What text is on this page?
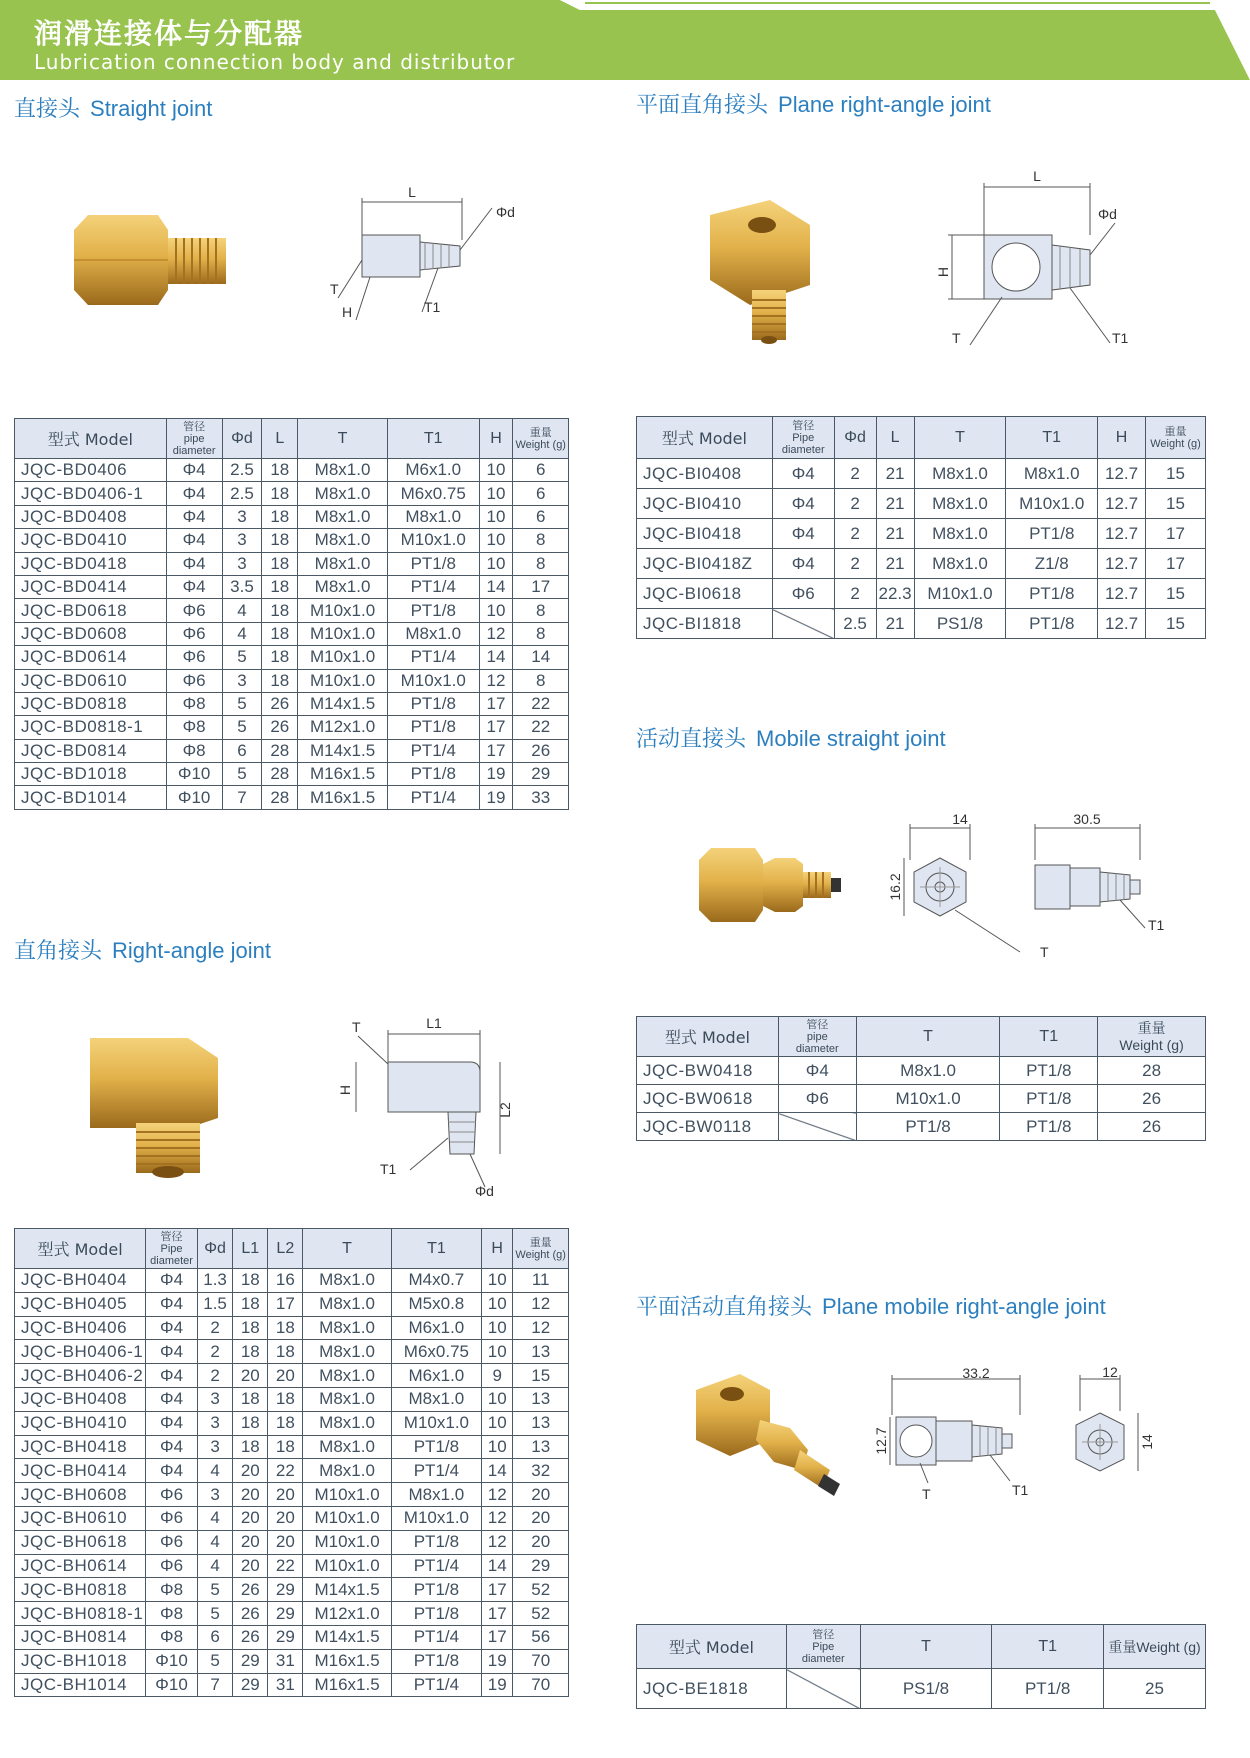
润滑连接体与分配器
Lubrication connection body and distributor
直接头 Straight joint
L
Φd
T
H	T1
型式 Model	管径
pipe
diameter	Φd	L	T	T1	H	重量
Weight (g)

JQC-BD0406	Φ4	2.5	18	M8x1.0	M6x1.0	10	6
JQC-BD0406-1	Φ4	2.5	18	M8x1.0	M6x0.75	10	6
JQC-BD0408	Φ4	3	18	M8x1.0	M8x1.0	10	6
JQC-BD0410	Φ4	3	18	M8x1.0	M10x1.0	10	8
JQC-BD0418	Φ4	3	18	M8x1.0	PT1/8	10	8
JQC-BD0414	Φ4	3.5	18	M8x1.0	PT1/4	14	17
JQC-BD0618	Φ6	4	18	M10x1.0	PT1/8	10	8
JQC-BD0608	Φ6	4	18	M10x1.0	M8x1.0	12	8
JQC-BD0614	Φ6	5	18	M10x1.0	PT1/4	14	14
JQC-BD0610	Φ6	3	18	M10x1.0	M10x1.0	12	8
JQC-BD0818	Φ8	5	26	M14x1.5	PT1/8	17	22
JQC-BD0818-1	Φ8	5	26	M12x1.0	PT1/8	17	22
JQC-BD0814	Φ8	6	28	M14x1.5	PT1/4	17	26
JQC-BD1018	Φ10	5	28	M16x1.5	PT1/8	19	29
JQC-BD1014	Φ10	7	28	M16x1.5	PT1/4	19	33
平面直角接头 Plane right-angle joint
L
H
Φd
T	T1
型式 Model	管径
Pipe
diameter	Φd	L	T	T1	H	重量
Weight (g)

JQC-BI0408	Φ4	2	21	M8x1.0	M8x1.0	12.7	15
JQC-BI0410	Φ4	2	21	M8x1.0	M10x1.0	12.7	15
JQC-BI0418	Φ4	2	21	M8x1.0	PT1/8	12.7	17
JQC-BI0418Z	Φ4	2	21	M8x1.0	Z1/8	12.7	17
JQC-BI0618	Φ6	2	22.3	M10x1.0	PT1/8	12.7	15
JQC-BI1818		2.5	21	PS1/8	PT1/8	12.7	15
活动直接头 Mobile straight joint
14
16.2
T
30.5
T1
型式 Model	管径
pipe
diameter	T	T1	重量
Weight (g)

JQC-BW0418	Φ4	M8x1.0	PT1/8	28
JQC-BW0618	Φ6	M10x1.0	PT1/8	26
JQC-BW0118		PT1/8	PT1/8	26
直角接头 Right-angle joint
L1
T
H
L2
T1
Φd
型式 Model	管径
Pipe
diameter	Φd	L1	L2	T	T1	H	重量
Weight (g)

JQC-BH0404	Φ4	1.3	18	16	M8x1.0	M4x0.7	10	11
JQC-BH0405	Φ4	1.5	18	17	M8x1.0	M5x0.8	10	12
JQC-BH0406	Φ4	2	18	18	M8x1.0	M6x1.0	10	12
JQC-BH0406-1	Φ4	2	18	18	M8x1.0	M6x0.75	10	13
JQC-BH0406-2	Φ4	2	20	20	M8x1.0	M6x1.0	9	15
JQC-BH0408	Φ4	3	18	18	M8x1.0	M8x1.0	10	13
JQC-BH0410	Φ4	3	18	18	M8x1.0	M10x1.0	10	13
JQC-BH0418	Φ4	3	18	18	M8x1.0	PT1/8	10	13
JQC-BH0414	Φ4	4	20	22	M8x1.0	PT1/4	14	32
JQC-BH0608	Φ6	3	20	20	M10x1.0	M8x1.0	12	20
JQC-BH0610	Φ6	4	20	20	M10x1.0	M10x1.0	12	20
JQC-BH0618	Φ6	4	20	20	M10x1.0	PT1/8	12	20
JQC-BH0614	Φ6	4	20	22	M10x1.0	PT1/4	14	29
JQC-BH0818	Φ8	5	26	29	M14x1.5	PT1/8	17	52
JQC-BH0818-1	Φ8	5	26	29	M12x1.0	PT1/8	17	52
JQC-BH0814	Φ8	6	26	29	M14x1.5	PT1/4	17	56
JQC-BH1018	Φ10	5	29	31	M16x1.5	PT1/8	19	70
JQC-BH1014	Φ10	7	29	31	M16x1.5	PT1/4	19	70
平面活动直角接头 Plane mobile right-angle joint
33.2
12.7
T	T1
12
14
型式 Model	管径
Pipe
diameter	T	T1	重量Weight (g)
JQC-BE1818		PS1/8	PT1/8	25
